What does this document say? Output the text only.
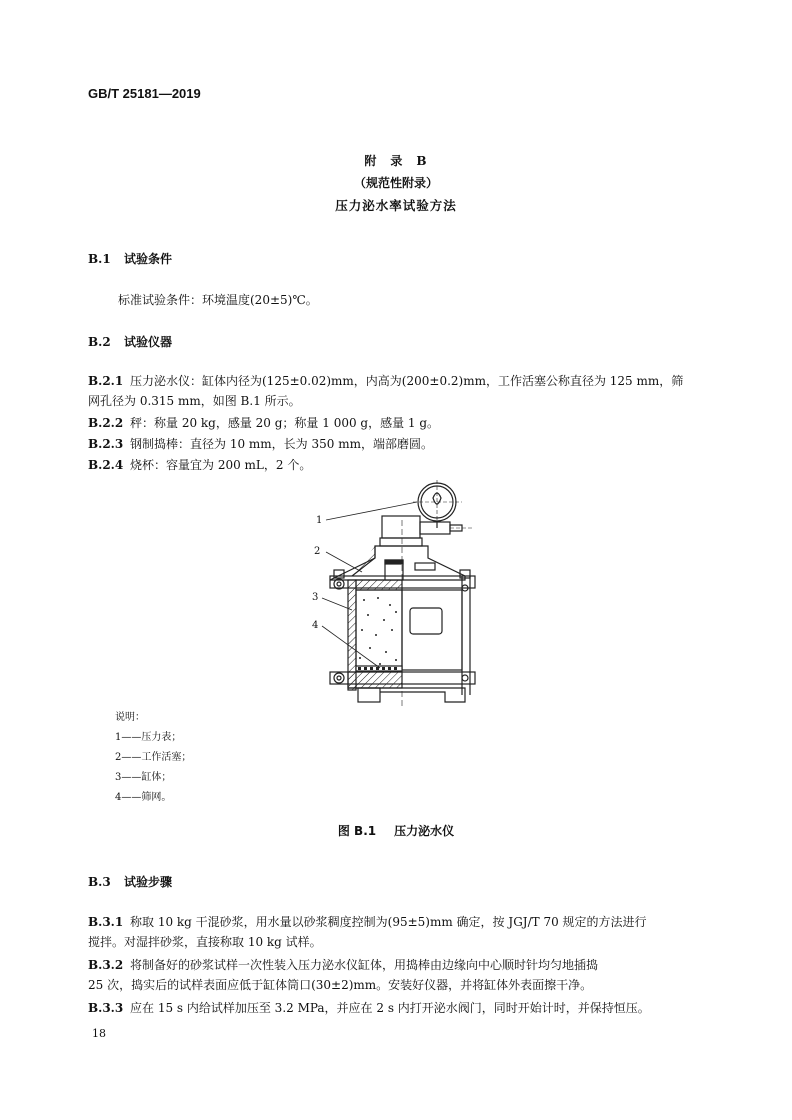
GB/T 25181—2019
附　录　B
（规范性附录）
压力泌水率试验方法
B.1 试验条件
标准试验条件：环境温度(20±5)℃。
B.2 试验仪器
B.2.1 压力泌水仪：缸体内径为(125±0.02)mm，内高为(200±0.2)mm，工作活塞公称直径为 125 mm，筛
网孔径为 0.315 mm，如图 B.1 所示。
B.2.2 秤：称量 20 kg，感量 20 g；称量 1 000 g，感量 1 g。
B.2.3 钢制捣棒：直径为 10 mm，长为 350 mm，端部磨圆。
B.2.4 烧杯：容量宜为 200 mL，2 个。
1
2
3
4
说明：
1——压力表；
2——工作活塞；
3——缸体；
4——筛网。
图 B.1 压力泌水仪
B.3 试验步骤
B.3.1 称取 10 kg 干混砂浆，用水量以砂浆稠度控制为(95±5)mm 确定，按 JGJ/T 70 规定的方法进行
搅拌。对湿拌砂浆，直接称取 10 kg 试样。
B.3.2 将制备好的砂浆试样一次性装入压力泌水仪缸体，用捣棒由边缘向中心顺时针均匀地插捣
25 次，捣实后的试样表面应低于缸体筒口(30±2)mm。安装好仪器，并将缸体外表面擦干净。
B.3.3 应在 15 s 内给试样加压至 3.2 MPa，并应在 2 s 内打开泌水阀门，同时开始计时，并保持恒压。
18
